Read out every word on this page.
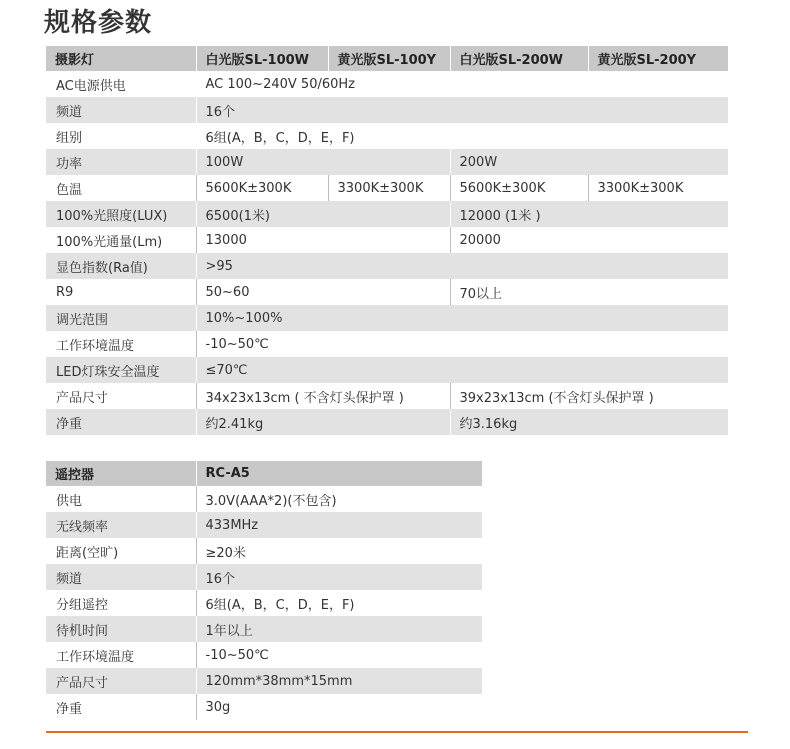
规格参数
摄影灯	白光版SL-100W	黄光版SL-100Y	白光版SL-200W	黄光版SL-200Y
AC电源供电	AC 100~240V 50/60Hz			
频道	16个			
组别	6组(A，B，C，D，E，F)			
功率	100W		200W	
色温	5600K±300K	3300K±300K	5600K±300K	3300K±300K
100%光照度(LUX)	6500(1米)		12000 (1米 )	
100%光通量(Lm)	13000		20000	
显色指数(Ra值)	>95			
R9	50~60		70以上	
调光范围	10%~100%			
工作环境温度	-10~50℃			
LED灯珠安全温度	≤70℃			
产品尺寸	34x23x13cm ( 不含灯头保护罩 )		39x23x13cm (不含灯头保护罩 )	
净重	约2.41kg		约3.16kg	
遥控器	RC-A5
供电	3.0V(AAA*2)(不包含)
无线频率	433MHz
距离(空旷)	≥20米
频道	16个
分组遥控	6组(A，B，C，D，E，F)
待机时间	1年以上
工作环境温度	-10~50℃
产品尺寸	120mm*38mm*15mm
净重	30g
